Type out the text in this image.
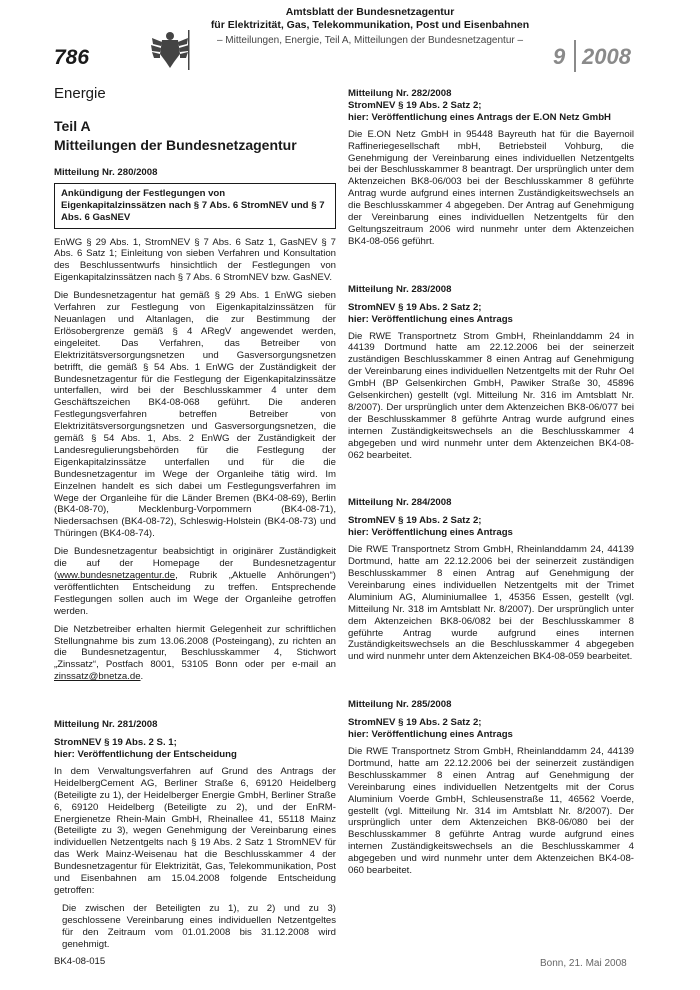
786
Amtsblatt der Bundesnetzagentur
für Elektrizität, Gas, Telekommunikation, Post und Eisenbahnen
– Mitteilungen, Energie, Teil A, Mitteilungen der Bundesnetzagentur –
9 2008
Energie
Teil A
Mitteilungen der Bundesnetzagentur
Mitteilung Nr. 280/2008
Ankündigung der Festlegungen von Eigenkapitalzinssätzen nach § 7 Abs. 6 StromNEV und § 7 Abs. 6 GasNEV

EnWG § 29 Abs. 1, StromNEV § 7 Abs. 6 Satz 1, GasNEV § 7 Abs. 6 Satz 1; Einleitung von sieben Verfahren und Konsultation des Beschlussentwurfs hinsichtlich der Festlegungen von Eigenkapitalzinssätzen nach § 7 Abs. 6 StromNEV bzw. GasNEV.

Die Bundesnetzagentur hat gemäß § 29 Abs. 1 EnWG sieben Verfahren zur Festlegung von Eigenkapitalzinssätzen für Neuanlagen und Altanlagen, die zur Bestimmung der Erlösobergrenze gemäß § 4 ARegV angewendet werden, eingeleitet. Das Verfahren, das Betreiber von Elektrizitätsversorgungsnetzen und Gasversorgungsnetzen betrifft, die gemäß § 54 Abs. 1 EnWG der Zuständigkeit der Bundesnetzagentur für die Festlegung der Eigenkapitalzinssätze unterfallen, wird bei der Beschlusskammer 4 unter dem Geschäftszeichen BK4-08-068 geführt. Die anderen Festlegungsverfahren betreffen Betreiber von Elektrizitätsversorgungsnetzen und Gasversorgungsnetzen, die gemäß § 54 Abs. 1, Abs. 2 EnWG der Zuständigkeit der Landesregulierungsbehörden für die Festlegung der Eigenkapitalzinssätze unterfallen und für die die Bundesnetzagentur im Wege der Organleihe tätig wird. Im Einzelnen handelt es sich dabei um Festlegungsverfahren im Wege der Organleihe für die Länder Bremen (BK4-08-69), Berlin (BK4-08-70), Mecklenburg-Vorpommern (BK4-08-71), Niedersachsen (BK4-08-72), Schleswig-Holstein (BK4-08-73) und Thüringen (BK4-08-74).

Die Bundesnetzagentur beabsichtigt in originärer Zuständigkeit die auf der Homepage der Bundesnetzagentur (www.bundesnetzagentur.de, Rubrik „Aktuelle Anhörungen“) veröffentlichten Entscheidung zu treffen. Entsprechende Festlegungen sollen auch im Wege der Organleihe getroffen werden.

Die Netzbetreiber erhalten hiermit Gelegenheit zur schriftlichen Stellungnahme bis zum 13.06.2008 (Posteingang), zu richten an die Bundesnetzagentur, Beschlusskammer 4, Stichwort „Zinssatz“, Postfach 8001, 53105 Bonn oder per e-mail an zinssatz@bnetza.de.

Mitteilung Nr. 281/2008
StromNEV § 19 Abs. 2 S. 1;
hier: Veröffentlichung der Entscheidung

In dem Verwaltungsverfahren auf Grund des Antrags der HeidelbergCement AG, Berliner Straße 6, 69120 Heidelberg (Beteiligte zu 1), der Heidelberger Energie GmbH, Berliner Straße 6, 69120 Heidelberg (Beteiligte zu 2), und der EnRM-Energienetze Rhein-Main GmbH, Rheinallee 41, 55118 Mainz (Beteiligte zu 3), wegen Genehmigung der Vereinbarung eines individuellen Netzentgelts nach § 19 Abs. 2 Satz 1 StromNEV für das Werk Mainz-Weisenau hat die Beschlusskammer 4 der Bundesnetzagentur für Elektrizität, Gas, Telekommunikation, Post und Eisenbahnen am 15.04.2008 folgende Entscheidung getroffen:

Die zwischen der Beteiligten zu 1), zu 2) und zu 3) geschlossene Vereinbarung eines individuellen Netzentgeltes für den Zeitraum vom 01.01.2008 bis 31.12.2008 wird genehmigt.

BK4-08-015

Mitteilung Nr. 282/2008
StromNEV § 19 Abs. 2 Satz 2;
hier: Veröffentlichung eines Antrags der E.ON Netz GmbH

Die E.ON Netz GmbH in 95448 Bayreuth hat für die Bayernoil Raffineriegesellschaft mbH, Betriebsteil Vohburg, die Genehmigung der Vereinbarung eines individuellen Netzentgelts bei der Beschlusskammer 8 beantragt. Der ursprünglich unter dem Aktenzeichen BK8-06/003 bei der Beschlusskammer 8 geführte Antrag wurde aufgrund eines internen Zuständigkeitswechsels an die Beschlusskammer 4 abgegeben. Der Antrag auf Genehmigung der Vereinbarung eines individuellen Netzentgelts für den Geltungszeitraum 2006 wird nunmehr unter dem Aktenzeichen BK4-08-056 geführt.

Mitteilung Nr. 283/2008
StromNEV § 19 Abs. 2 Satz 2;
hier: Veröffentlichung eines Antrags

Die RWE Transportnetz Strom GmbH, Rheinlanddamm 24 in 44139 Dortmund hatte am 22.12.2006 bei der seinerzeit zuständigen Beschlusskammer 8 einen Antrag auf Genehmigung der Vereinbarung eines individuellen Netzentgelts mit der Ruhr Oel GmbH (BP Gelsenkirchen GmbH, Pawiker Straße 30, 45896 Gelsenkirchen) gestellt (vgl. Mitteilung Nr. 316 im Amtsblatt Nr. 8/2007). Der ursprünglich unter dem Aktenzeichen BK8-06/077 bei der Beschlusskammer 8 geführte Antrag wurde aufgrund eines internen Zuständigkeitswechsels an die Beschlusskammer 4 abgegeben und wird nunmehr unter dem Aktenzeichen BK4-08-062 bearbeitet.

Mitteilung Nr. 284/2008
StromNEV § 19 Abs. 2 Satz 2;
hier: Veröffentlichung eines Antrags

Die RWE Transportnetz Strom GmbH, Rheinlanddamm 24, 44139 Dortmund, hatte am 22.12.2006 bei der seinerzeit zuständigen Beschlusskammer 8 einen Antrag auf Genehmigung der Vereinbarung eines individuellen Netzentgelts mit der Trimet Aluminium AG, Aluminiumallee 1, 45356 Essen, gestellt (vgl. Mitteilung Nr. 318 im Amtsblatt Nr. 8/2007). Der ursprünglich unter dem Aktenzeichen BK8-06/082 bei der Beschlusskammer 8 geführte Antrag wurde aufgrund eines internen Zuständigkeitswechsels an die Beschlusskammer 4 abgegeben und wird nunmehr unter dem Aktenzeichen BK4-08-059 bearbeitet.

Mitteilung Nr. 285/2008
StromNEV § 19 Abs. 2 Satz 2;
hier: Veröffentlichung eines Antrags

Die RWE Transportnetz Strom GmbH, Rheinlanddamm 24, 44139 Dortmund, hatte am 22.12.2006 bei der seinerzeit zuständigen Beschlusskammer 8 einen Antrag auf Genehmigung der Vereinbarung eines individuellen Netzentgelts mit der Corus Aluminium Voerde GmbH, Schleusenstraße 11, 46562 Voerde, gestellt (vgl. Mitteilung Nr. 314 im Amtsblatt Nr. 8/2007). Der ursprünglich unter dem Aktenzeichen BK8-06/080 bei der Beschlusskammer 8 geführte Antrag wurde aufgrund eines internen Zuständigkeitswechsels an die Beschlusskammer 4 abgegeben und wird nunmehr unter dem Aktenzeichen BK4-08-060 bearbeitet.

Bonn, 21. Mai 2008
